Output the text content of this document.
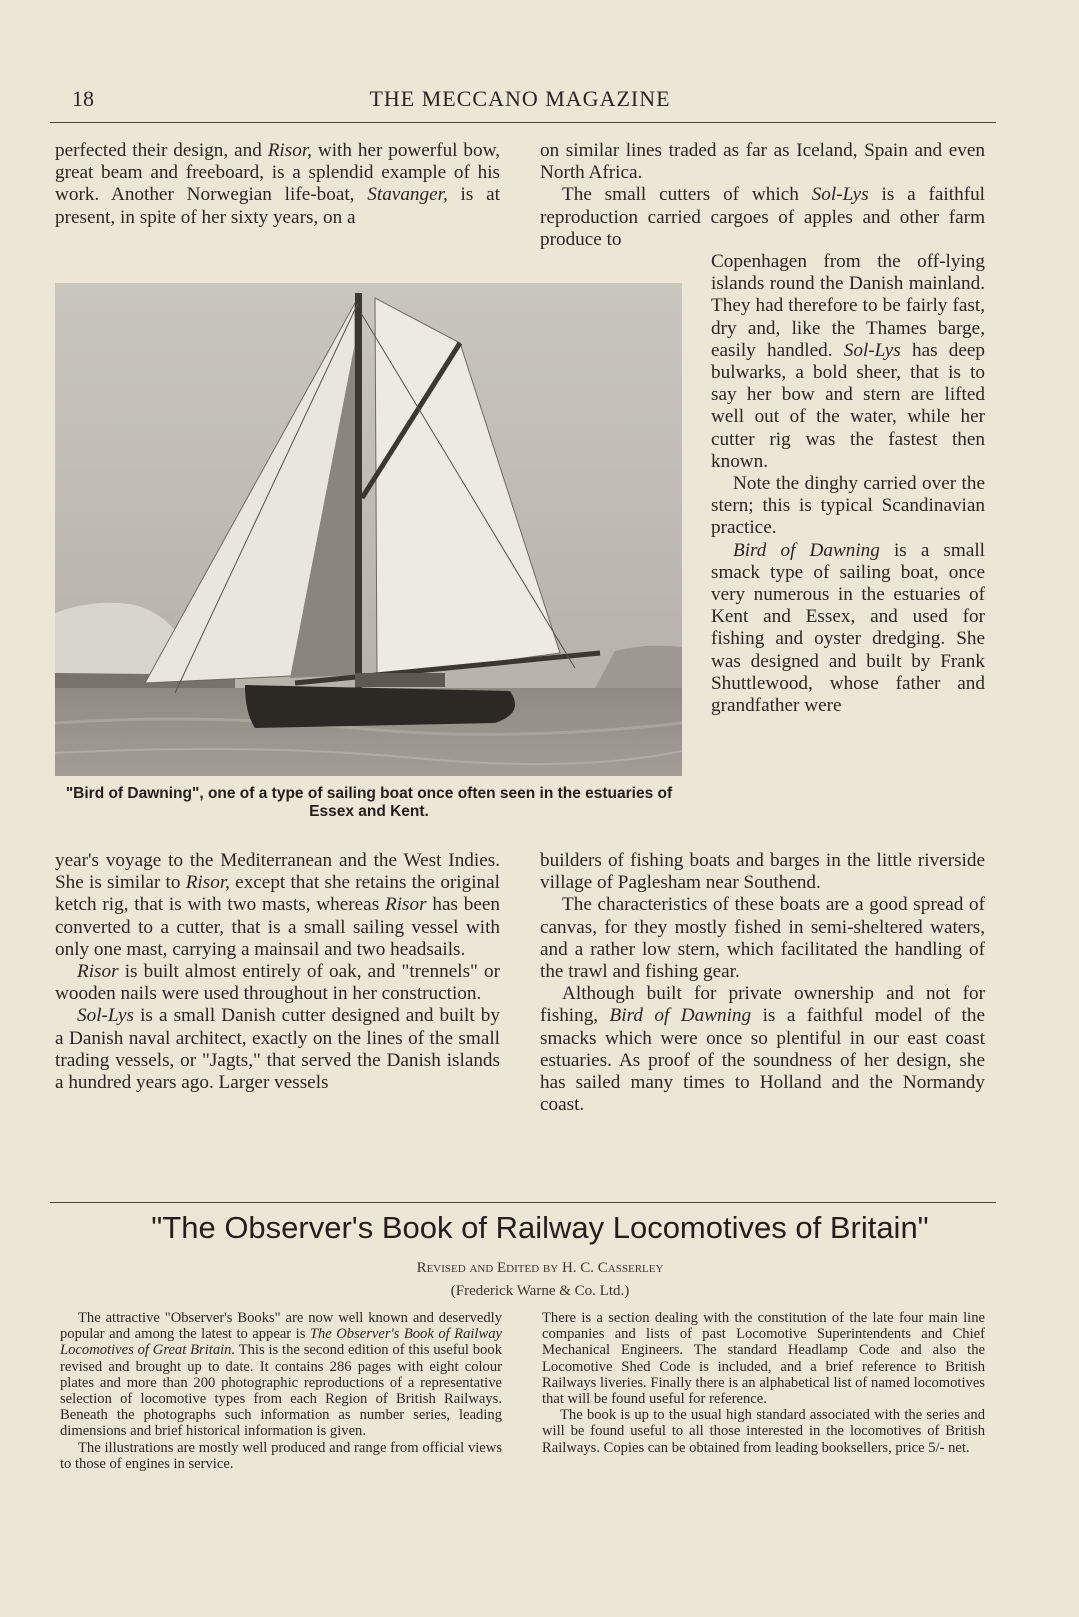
18	THE MECCANO MAGAZINE

perfected their design, and Risor, with her powerful bow, great beam and freeboard, is a splendid example of his work. Another Norwegian life-boat, Stavanger, is at present, in spite of her sixty years, on a

on similar lines traded as far as Iceland, Spain and even North Africa.

The small cutters of which Sol-Lys is a faithful reproduction carried cargoes of apples and other farm produce to

Copenhagen from the off-lying islands round the Danish mainland. They had therefore to be fairly fast, dry and, like the Thames barge, easily handled. Sol-Lys has deep bulwarks, a bold sheer, that is to say her bow and stern are lifted well out of the water, while her cutter rig was the fastest then known.

Note the dinghy carried over the stern; this is typical Scandinavian practice.

Bird of Dawning is a small smack type of sailing boat, once very numerous in the estuaries of Kent and Essex, and used for fishing and oyster dredging. She was designed and built by Frank Shuttlewood, whose father and grandfather were

"Bird of Dawning", one of a type of sailing boat once often seen in the estuaries of Essex and Kent.

year's voyage to the Mediterranean and the West Indies. She is similar to Risor, except that she retains the original ketch rig, that is with two masts, whereas Risor has been converted to a cutter, that is a small sailing vessel with only one mast, carrying a mainsail and two headsails.

Risor is built almost entirely of oak, and "trennels" or wooden nails were used throughout in her construction.

Sol-Lys is a small Danish cutter designed and built by a Danish naval architect, exactly on the lines of the small trading vessels, or "Jagts," that served the Danish islands a hundred years ago. Larger vessels

builders of fishing boats and barges in the little riverside village of Paglesham near Southend.

The characteristics of these boats are a good spread of canvas, for they mostly fished in semi-sheltered waters, and a rather low stern, which facilitated the handling of the trawl and fishing gear.

Although built for private ownership and not for fishing, Bird of Dawning is a faithful model of the smacks which were once so plentiful in our east coast estuaries. As proof of the soundness of her design, she has sailed many times to Holland and the Normandy coast.

"The Observer's Book of Railway Locomotives of Britain"
Revised and Edited by H. C. Casserley
(Frederick Warne & Co. Ltd.)

The attractive "Observer's Books" are now well known and deservedly popular and among the latest to appear is The Observer's Book of Railway Locomotives of Great Britain. This is the second edition of this useful book revised and brought up to date. It contains 286 pages with eight colour plates and more than 200 photographic reproductions of a representative selection of locomotive types from each Region of British Railways. Beneath the photographs such information as number series, leading dimensions and brief historical information is given.

The illustrations are mostly well produced and range from official views to those of engines in service.

There is a section dealing with the constitution of the late four main line companies and lists of past Locomotive Superintendents and Chief Mechanical Engineers. The standard Headlamp Code and also the Locomotive Shed Code is included, and a brief reference to British Railways liveries. Finally there is an alphabetical list of named locomotives that will be found useful for reference.

The book is up to the usual high standard associated with the series and will be found useful to all those interested in the locomotives of British Railways. Copies can be obtained from leading booksellers, price 5/- net.
